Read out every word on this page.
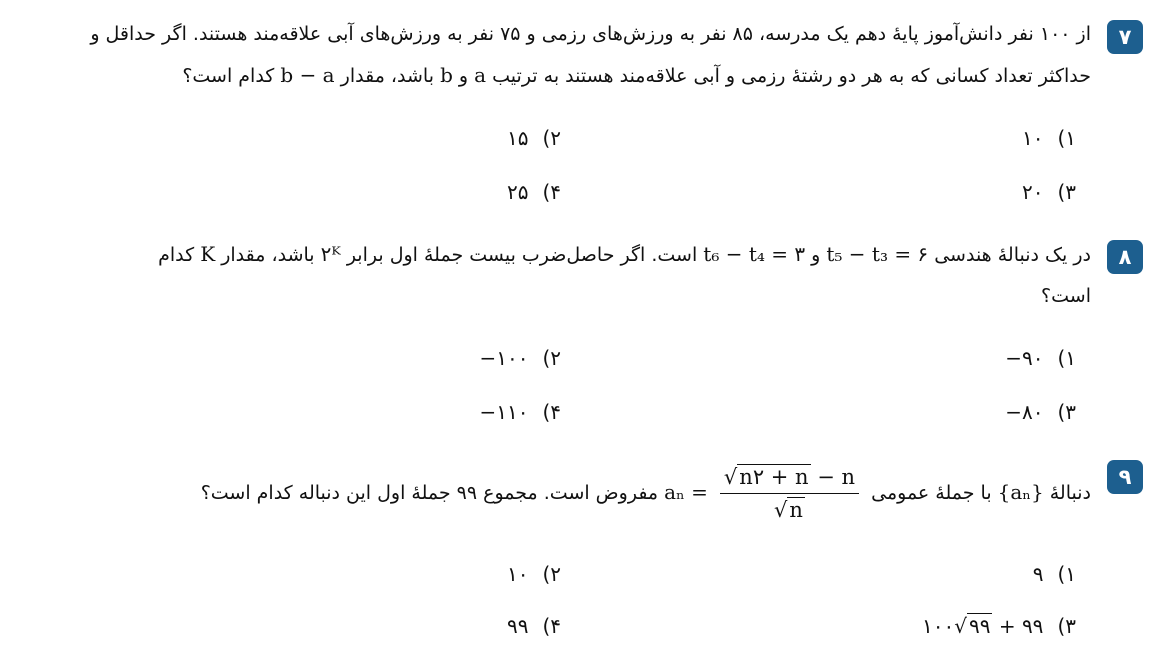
۷
از ۱۰۰ نفر دانش‌آموز پایهٔ دهم یک مدرسه، ۸۵ نفر به ورزش‌های رزمی و ۷۵ نفر به ورزش‌های آبی علاقه‌مند هستند. اگر حداقل و
حداکثر تعداد کسانی که به هر دو رشتهٔ رزمی و آبی علاقه‌مند هستند به ترتیب a و b باشد، مقدار b − a کدام است؟
۱)۱۰
۲)۱۵
۳)۲۰
۴)۲۵
۸
در یک دنبالهٔ هندسی t₅ − t₃ = ۶ و t₆ − t₄ = ۳ است. اگر حاصل‌ضرب بیست جملهٔ اول برابر ۲ᴷ باشد، مقدار K کدام
است؟
۱)−۹۰
۲)−۱۰۰
۳)−۸۰
۴)−۱۱۰
۹
دنبالهٔ {aₙ} با جملهٔ عمومی
$\frac{√n۲ + n - n}{√n}$
aₙ = مفروض است. مجموع ۹۹ جملهٔ اول این دنباله کدام است؟
۱)۹
۲)۱۰
۳)۱۰۰√ ۹۹ + ۹۹
۴)۹۹
